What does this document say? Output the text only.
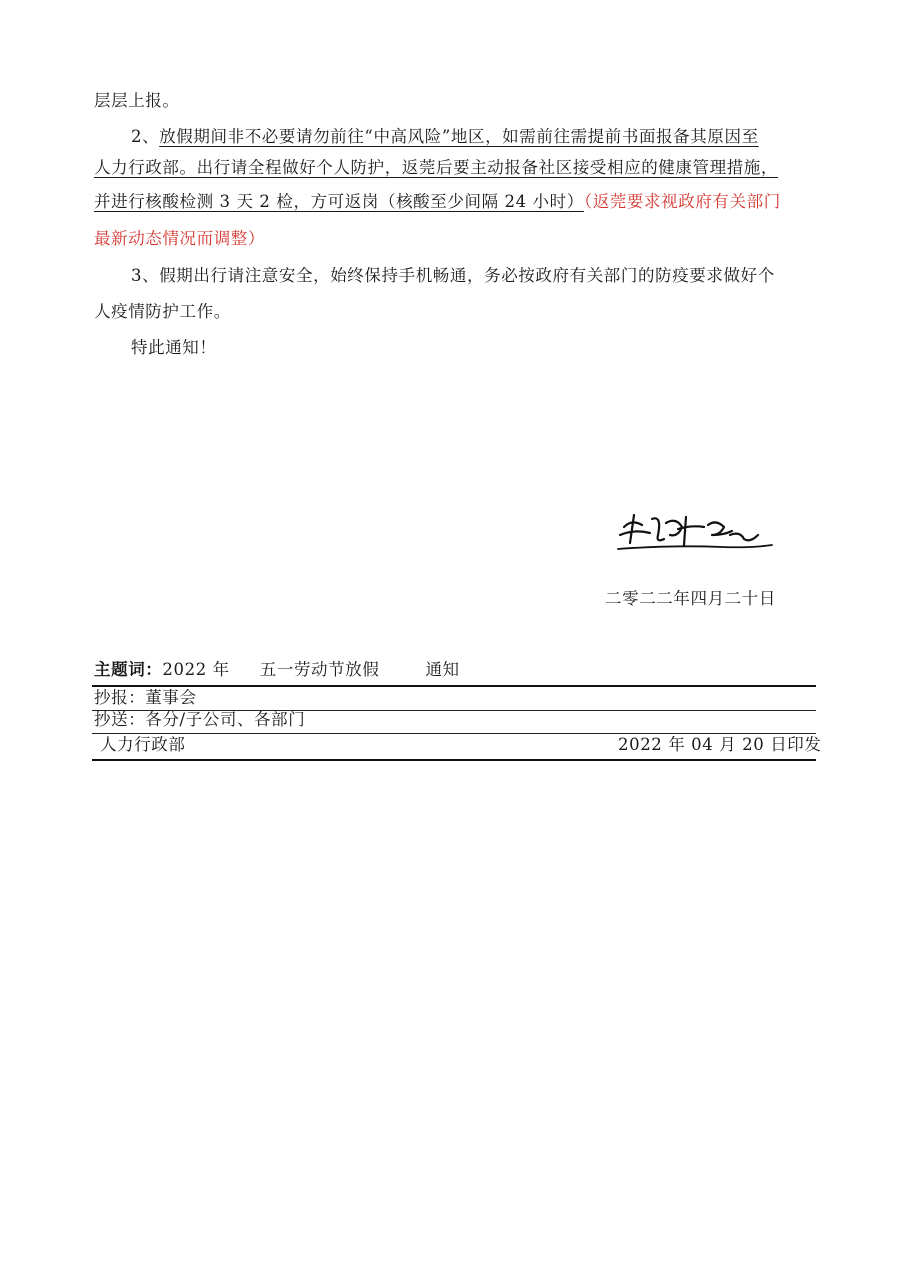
层层上报。
2、放假期间非不必要请勿前往“中高风险”地区，如需前往需提前书面报备其原因至
人力行政部。出行请全程做好个人防护，返莞后要主动报备社区接受相应的健康管理措施，
并进行核酸检测 3 天 2 检，方可返岗（核酸至少间隔 24 小时）（返莞要求视政府有关部门
最新动态情况而调整）
3、假期出行请注意安全，始终保持手机畅通，务必按政府有关部门的防疫要求做好个
人疫情防护工作。
特此通知！
二零二二年四月二十日
主题词：2022 年 五一劳动节放假	通知
抄报：董事会
抄送：各分/子公司、各部门
人力行政部	2022 年 04 月 20 日印发
